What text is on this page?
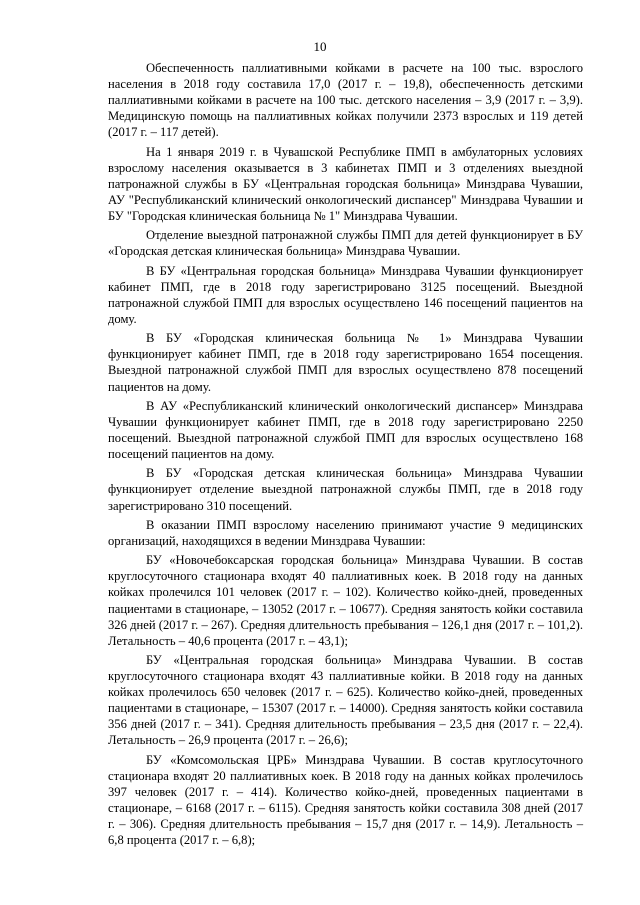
10

Обеспеченность паллиативными койками в расчете на 100 тыс. взрослого населения в 2018 году составила 17,0 (2017 г. – 19,8), обеспеченность детскими паллиативными койками в расчете на 100 тыс. детского населения – 3,9 (2017 г. – 3,9). Медицинскую помощь на паллиативных койках получили 2373 взрослых и 119 детей (2017 г. – 117 детей).

На 1 января 2019 г. в Чувашской Республике ПМП в амбулаторных условиях взрослому населения оказывается в 3 кабинетах ПМП и 3 отделениях выездной патронажной службы в БУ «Центральная городская больница» Минздрава Чувашии, АУ "Республиканский клинический онкологический диспансер" Минздрава Чувашии и БУ "Городская клиническая больница № 1" Минздрава Чувашии.

Отделение выездной патронажной службы ПМП для детей функционирует в БУ «Городская детская клиническая больница» Минздрава Чувашии.

В БУ «Центральная городская больница» Минздрава Чувашии функционирует кабинет ПМП, где в 2018 году зарегистрировано 3125 посещений. Выездной патронажной службой ПМП для взрослых осуществлено 146 посещений пациентов на дому.

В БУ «Городская клиническая больница № 1» Минздрава Чувашии функционирует кабинет ПМП, где в 2018 году зарегистрировано 1654 посещения. Выездной патронажной службой ПМП для взрослых осуществлено 878 посещений пациентов на дому.

В АУ «Республиканский клинический онкологический диспансер» Минздрава Чувашии функционирует кабинет ПМП, где в 2018 году зарегистрировано 2250 посещений. Выездной патронажной службой ПМП для взрослых осуществлено 168 посещений пациентов на дому.

В БУ «Городская детская клиническая больница» Минздрава Чувашии функционирует отделение выездной патронажной службы ПМП, где в 2018 году зарегистрировано 310 посещений.

В оказании ПМП взрослому населению принимают участие 9 медицинских организаций, находящихся в ведении Минздрава Чувашии:

БУ «Новочебоксарская городская больница» Минздрава Чувашии. В состав круглосуточного стационара входят 40 паллиативных коек. В 2018 году на данных койках пролечился 101 человек (2017 г. – 102). Количество койко-дней, проведенных пациентами в стационаре, – 13052 (2017 г. – 10677). Средняя занятость койки составила 326 дней (2017 г. – 267). Средняя длительность пребывания – 126,1 дня (2017 г. – 101,2). Летальность – 40,6 процента (2017 г. – 43,1);

БУ «Центральная городская больница» Минздрава Чувашии. В состав круглосуточного стационара входят 43 паллиативные койки. В 2018 году на данных койках пролечилось 650 человек (2017 г. – 625). Количество койко-дней, проведенных пациентами в стационаре, – 15307 (2017 г. – 14000). Средняя занятость койки составила 356 дней (2017 г. – 341). Средняя длительность пребывания – 23,5 дня (2017 г. – 22,4). Летальность – 26,9 процента (2017 г. – 26,6);

БУ «Комсомольская ЦРБ» Минздрава Чувашии. В состав круглосуточного стационара входят 20 паллиативных коек. В 2018 году на данных койках пролечилось 397 человек (2017 г. – 414). Количество койко-дней, проведенных пациентами в стационаре, – 6168 (2017 г. – 6115). Средняя занятость койки составила 308 дней (2017 г. – 306). Средняя длительность пребывания – 15,7 дня (2017 г. – 14,9). Летальность – 6,8 процента (2017 г. – 6,8);
